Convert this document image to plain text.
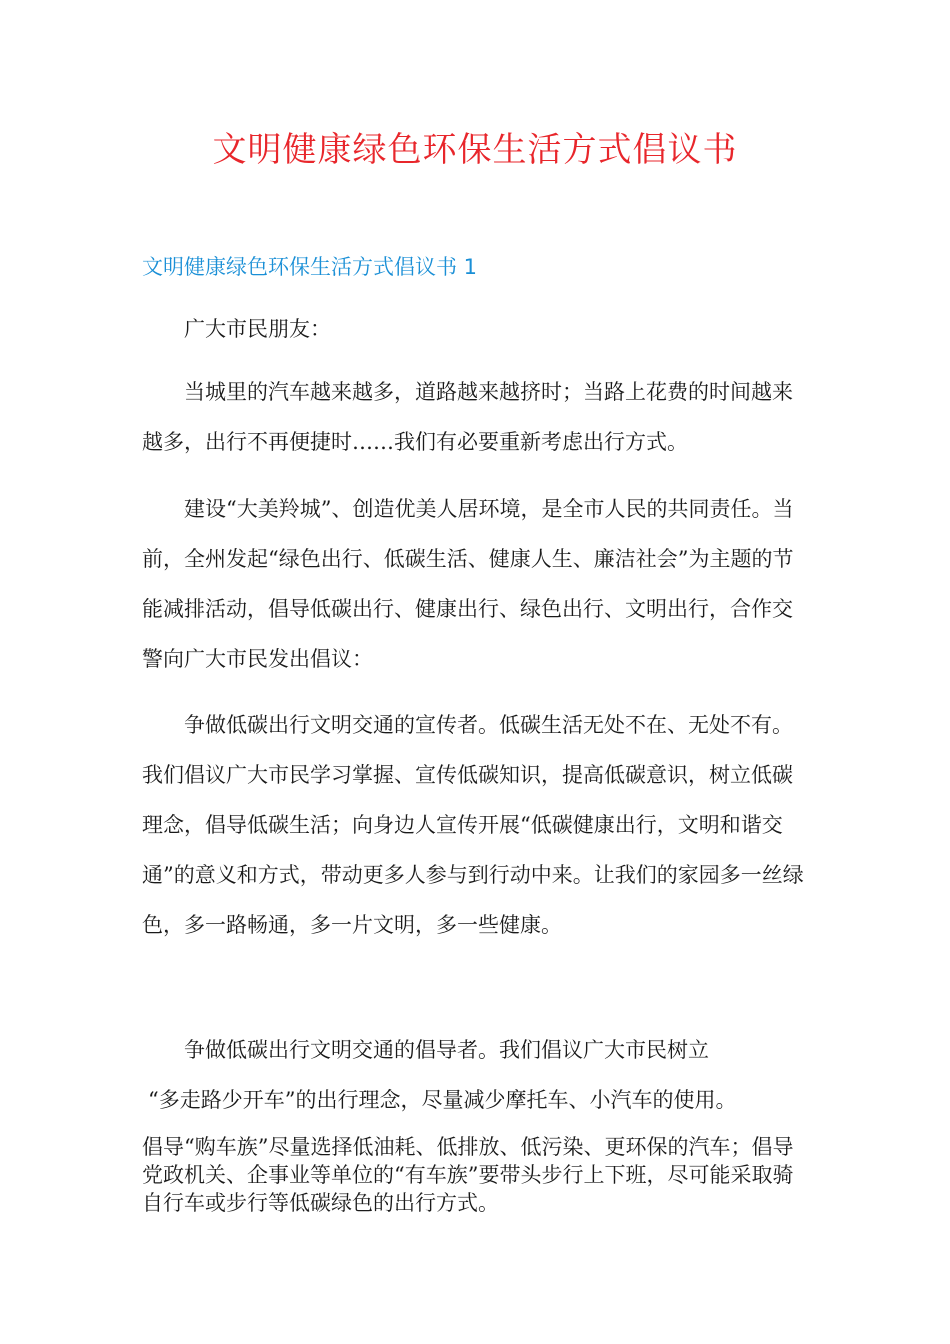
文明健康绿色环保生活方式倡议书
文明健康绿色环保生活方式倡议书 1

广大市民朋友：

当城里的汽车越来越多，道路越来越挤时；当路上花费的时间越来越多，出行不再便捷时……我们有必要重新考虑出行方式。

建设“大美羚城”、创造优美人居环境，是全市人民的共同责任。当前，全州发起“绿色出行、低碳生活、健康人生、廉洁社会”为主题的节能减排活动，倡导低碳出行、健康出行、绿色出行、文明出行，合作交警向广大市民发出倡议：

争做低碳出行文明交通的宣传者。低碳生活无处不在、无处不有。我们倡议广大市民学习掌握、宣传低碳知识，提高低碳意识，树立低碳理念，倡导低碳生活；向身边人宣传开展“低碳健康出行，文明和谐交通”的意义和方式，带动更多人参与到行动中来。让我们的家园多一丝绿色，多一路畅通，多一片文明，多一些健康。

争做低碳出行文明交通的倡导者。我们倡议广大市民树立

“多走路少开车”的出行理念，尽量减少摩托车、小汽车的使用。

倡导“购车族”尽量选择低油耗、低排放、低污染、更环保的汽车；倡导党政机关、企事业等单位的“有车族”要带头步行上下班，尽可能采取骑自行车或步行等低碳绿色的出行方式。
